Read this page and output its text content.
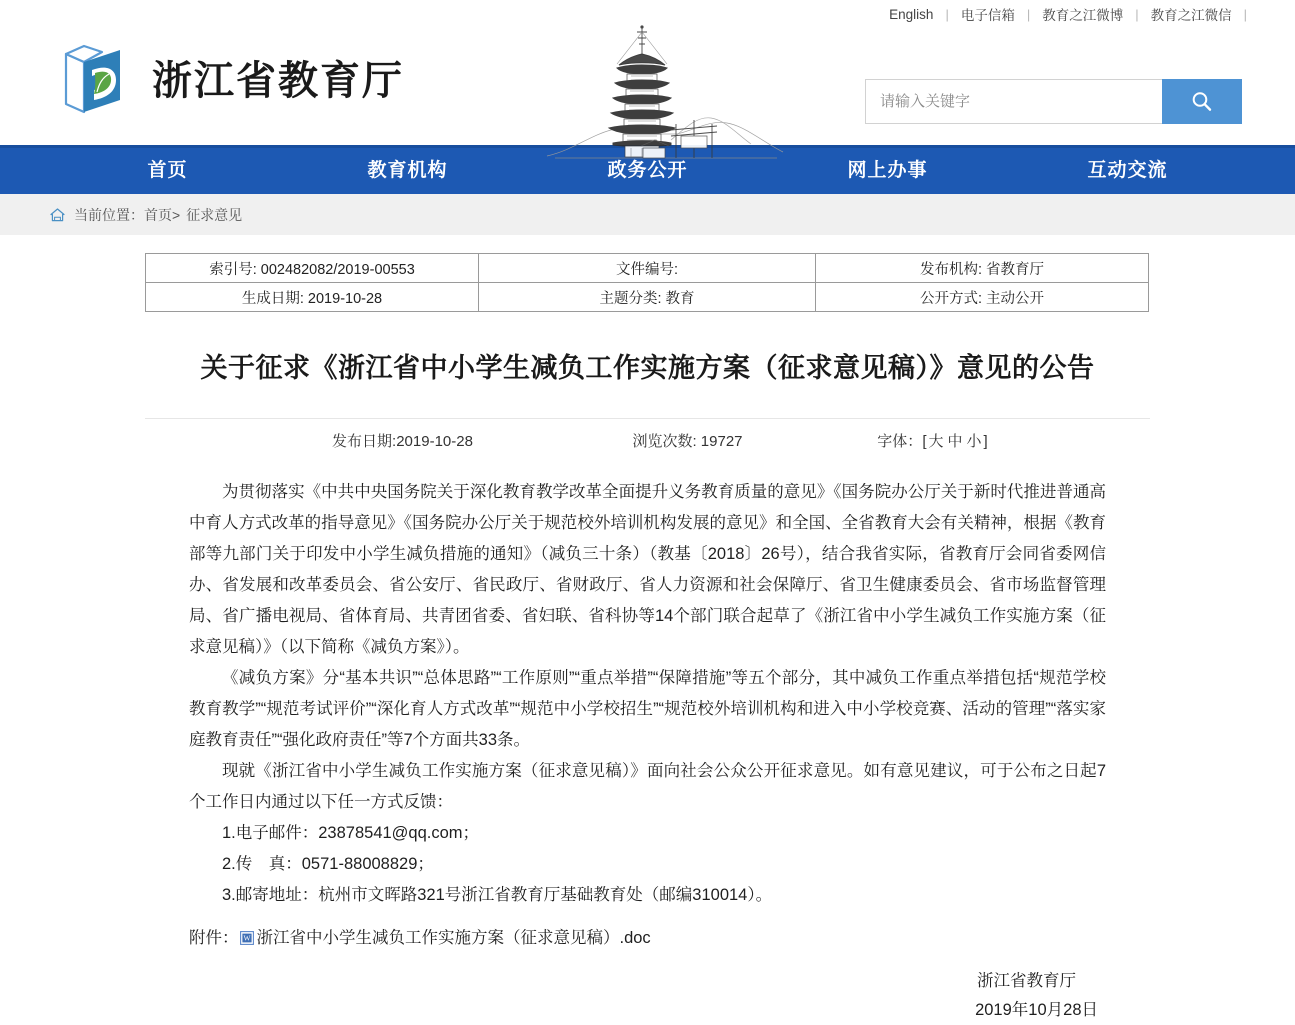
English | 电子信箱 | 教育之江微博 | 教育之江微信 |
浙江省教育厅
请输入关键字
首页	教育机构	政务公开	网上办事	互动交流
当前位置： 首页 > 征求意见
索引号: 002482082/2019-00553	文件编号:	发布机构: 省教育厅
生成日期: 2019-10-28	主题分类: 教育	公开方式: 主动公开
关于征求《浙江省中小学生减负工作实施方案（征求意见稿）》意见的公告
发布日期:2019-10-28	浏览次数: 19727	字体：[ 大 中 小 ]

为贯彻落实《中共中央国务院关于深化教育教学改革全面提升义务教育质量的意见》《国务院办公厅关于新时代推进普通高中育人方式改革的指导意见》《国务院办公厅关于规范校外培训机构发展的意见》和全国、全省教育大会有关精神，根据《教育部等九部门关于印发中小学生减负措施的通知》（减负三十条）（教基〔2018〕26号），结合我省实际，省教育厅会同省委网信办、省发展和改革委员会、省公安厅、省民政厅、省财政厅、省人力资源和社会保障厅、省卫生健康委员会、省市场监督管理局、省广播电视局、省体育局、共青团省委、省妇联、省科协等14个部门联合起草了《浙江省中小学生减负工作实施方案（征求意见稿）》（以下简称《减负方案》）。

《减负方案》分“基本共识”“总体思路”“工作原则”“重点举措”“保障措施”等五个部分，其中减负工作重点举措包括“规范学校教育教学”“规范考试评价”“深化育人方式改革”“规范中小学校招生”“规范校外培训机构和进入中小学校竞赛、活动的管理”“落实家庭教育责任”“强化政府责任”等7个方面共33条。

现就《浙江省中小学生减负工作实施方案（征求意见稿）》面向社会公众公开征求意见。如有意见建议，可于公布之日起7个工作日内通过以下任一方式反馈：

1.电子邮件：23878541@qq.com；

2.传　真：0571-88008829；

3.邮寄地址：杭州市文晖路321号浙江省教育厅基础教育处（邮编310014）。

附件： W 浙江省中小学生减负工作实施方案（征求意见稿）.doc
浙江省教育厅
2019年10月28日
